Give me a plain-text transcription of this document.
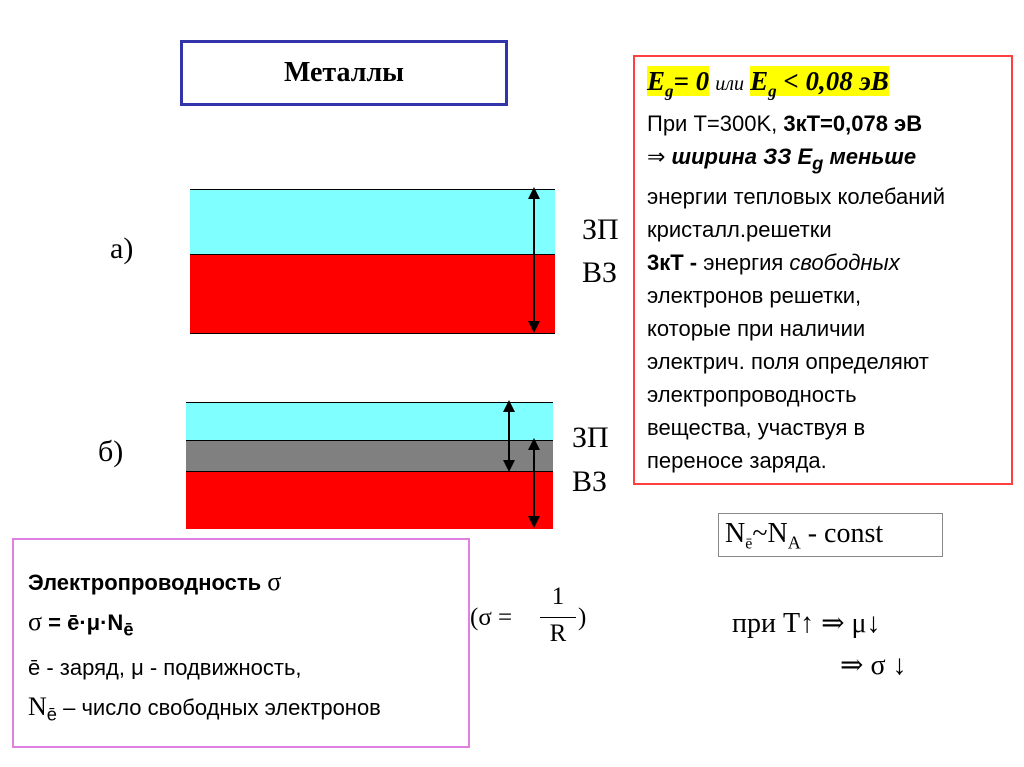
Металлы
а)
ЗП
ВЗ
б)	ЗП
ВЗ
$E_g= 0$ или $E_g < 0,08$ эВ
При T=300K, 3кT=0,078 эВ
⇒ ширина ЗЗ $E_g$ меньше
энергии тепловых колебаний
кристалл.решетки
3кT - энергия свободных
электронов решетки,
которые при наличии
электрич. поля определяют
электропроводность
вещества, участвуя в
переносе заряда.
Электропроводность σ
$\sigma = ē\cdot\mu\cdot N_ē$
ē - заряд, μ - подвижность,
$N_ē$ – число свободных электронов
(σ =
1
R
)
$N_ē\sim N_A$ - const
при T↑ ⇒ μ↓
⇒ σ ↓
